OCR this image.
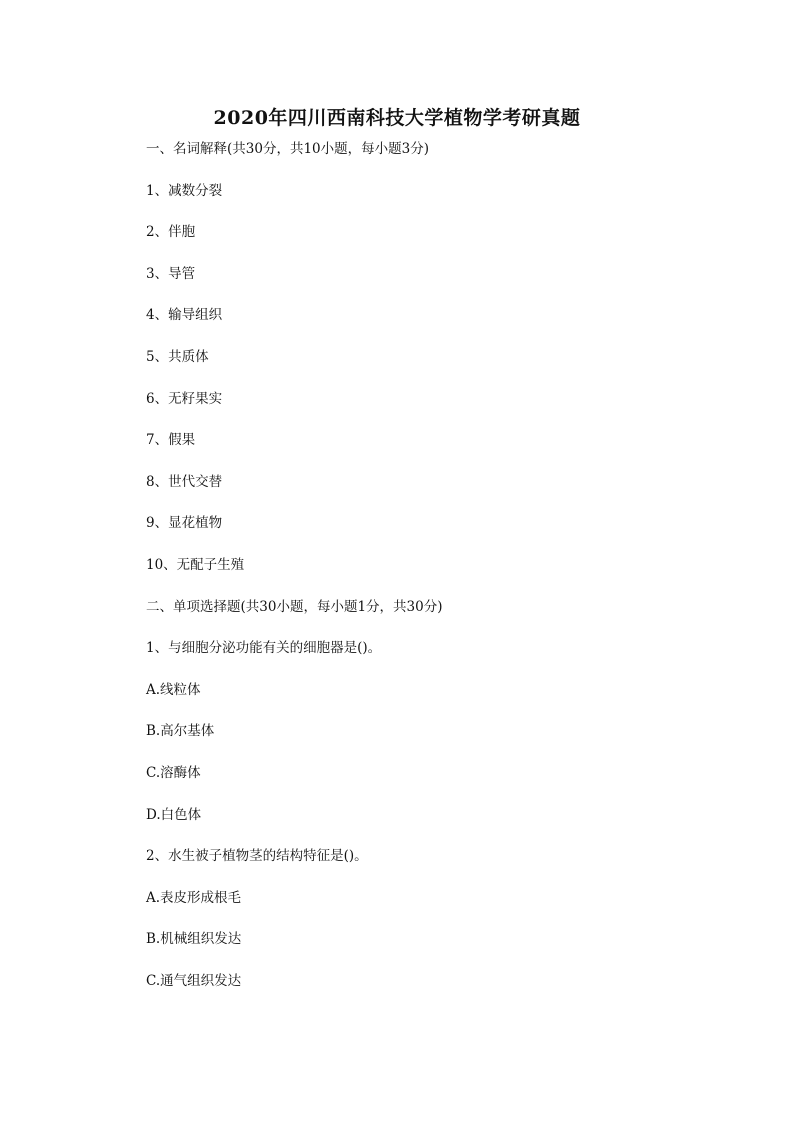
2020年四川西南科技大学植物学考研真题
一、名词解释(共30分，共10小题，每小题3分)
1、减数分裂
2、伴胞
3、导管
4、输导组织
5、共质体
6、无籽果实
7、假果
8、世代交替
9、显花植物
10、无配子生殖
二、单项选择题(共30小题，每小题1分，共30分)
1、与细胞分泌功能有关的细胞器是()。
A.线粒体
B.高尔基体
C.溶酶体
D.白色体
2、水生被子植物茎的结构特征是()。
A.表皮形成根毛
B.机械组织发达
C.通气组织发达
